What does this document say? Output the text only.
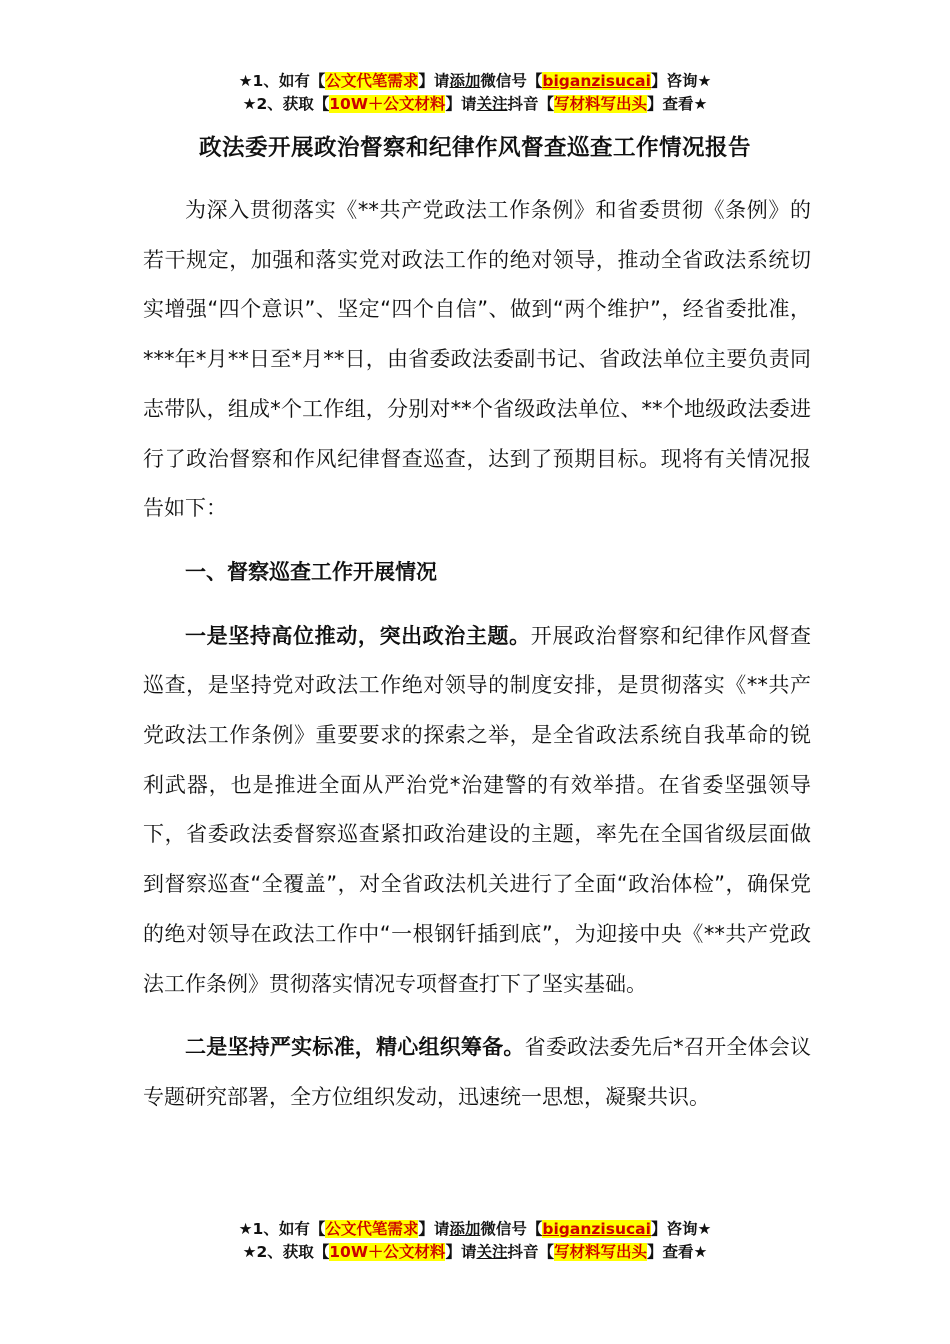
★1、如有【公文代笔需求】请添加微信号【biganzisucai】咨询★
★2、获取【10W＋公文材料】请关注抖音【写材料写出头】查看★
政法委开展政治督察和纪律作风督查巡查工作情况报告

为深入贯彻落实《**共产党政法工作条例》和省委贯彻《条例》的若干规定，加强和落实党对政法工作的绝对领导，推动全省政法系统切实增强“四个意识”、坚定“四个自信”、做到“两个维护”，经省委批准，***年*月**日至*月**日，由省委政法委副书记、省政法单位主要负责同志带队，组成*个工作组，分别对**个省级政法单位、**个地级政法委进行了政治督察和作风纪律督查巡查，达到了预期目标。现将有关情况报告如下：

一、督察巡查工作开展情况

一是坚持高位推动，突出政治主题。开展政治督察和纪律作风督查巡查，是坚持党对政法工作绝对领导的制度安排，是贯彻落实《**共产党政法工作条例》重要要求的探索之举，是全省政法系统自我革命的锐利武器，也是推进全面从严治党*治建警的有效举措。在省委坚强领导下，省委政法委督察巡查紧扣政治建设的主题，率先在全国省级层面做到督察巡查“全覆盖”，对全省政法机关进行了全面“政治体检”，确保党的绝对领导在政法工作中“一根钢钎插到底”，为迎接中央《**共产党政法工作条例》贯彻落实情况专项督查打下了坚实基础。

二是坚持严实标准，精心组织筹备。省委政法委先后*召开全体会议专题研究部署，全方位组织发动，迅速统一思想，凝聚共识。

★1、如有【公文代笔需求】请添加微信号【biganzisucai】咨询★
★2、获取【10W＋公文材料】请关注抖音【写材料写出头】查看★
